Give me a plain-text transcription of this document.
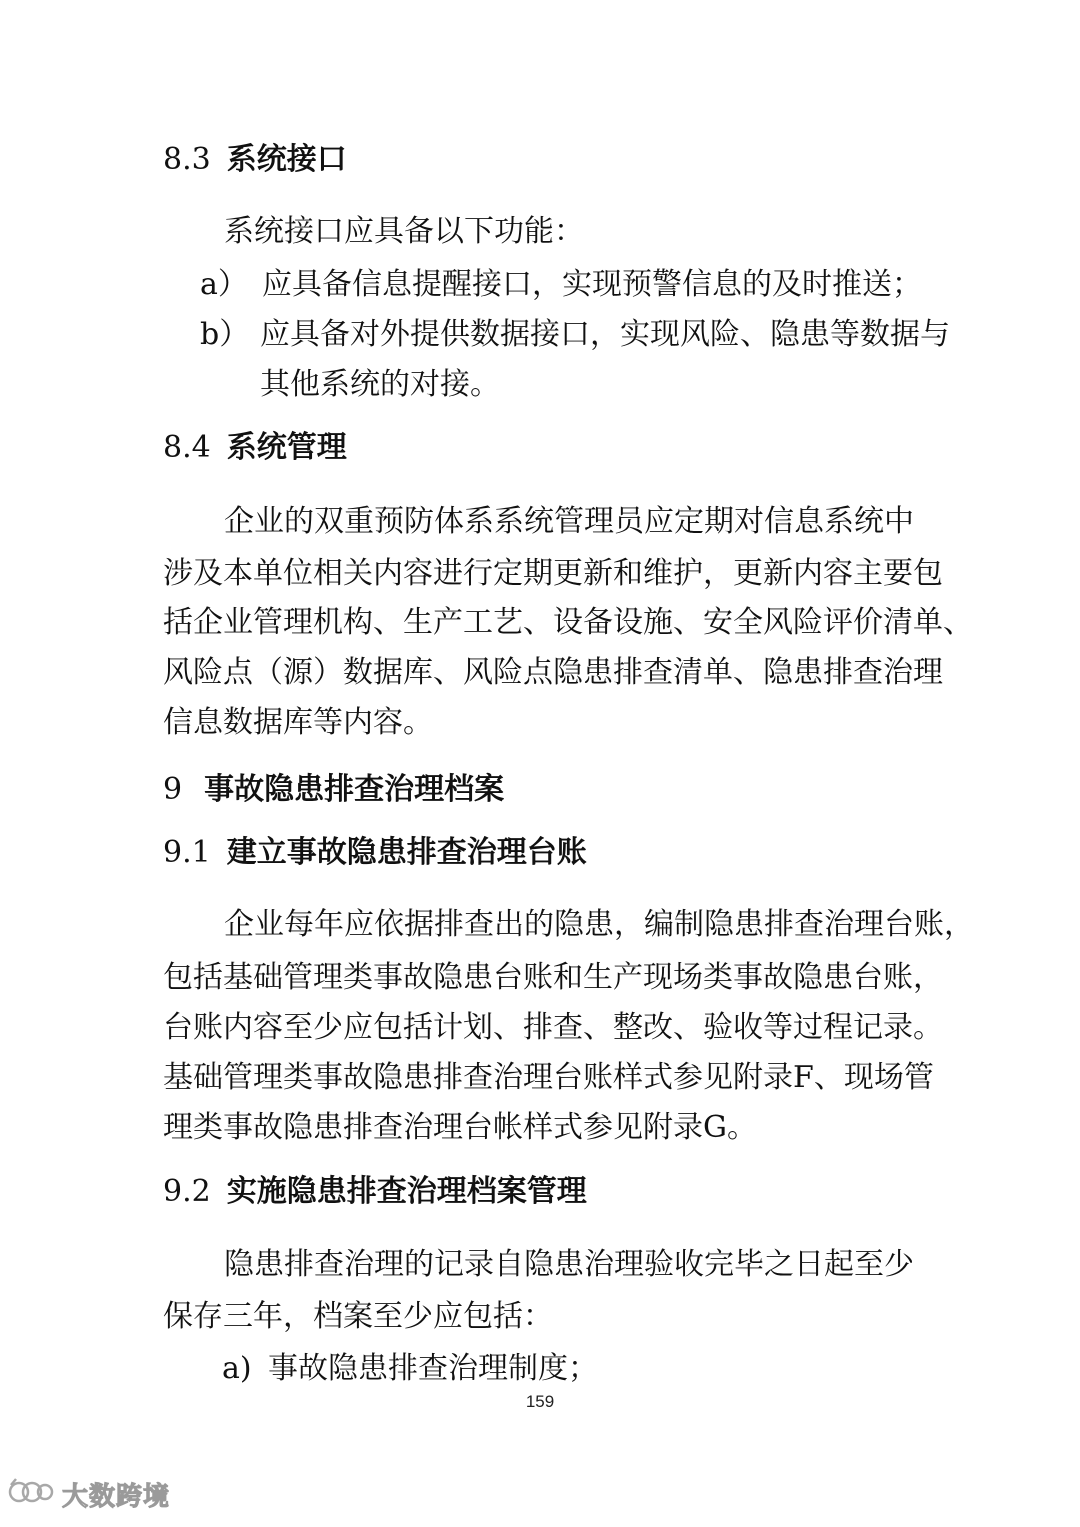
8.3 系统接口
系统接口应具备以下功能：
a） 应具备信息提醒接口，实现预警信息的及时推送；
b） 应具备对外提供数据接口，实现风险、隐患等数据与
其他系统的对接。
8.4 系统管理
企业的双重预防体系系统管理员应定期对信息系统中
涉及本单位相关内容进行定期更新和维护，更新内容主要包
括企业管理机构、生产工艺、设备设施、安全风险评价清单、
风险点（源）数据库、风险点隐患排查清单、隐患排查治理
信息数据库等内容。
9 事故隐患排查治理档案
9.1 建立事故隐患排查治理台账
企业每年应依据排查出的隐患，编制隐患排查治理台账，
包括基础管理类事故隐患台账和生产现场类事故隐患台账，
台账内容至少应包括计划、排查、整改、验收等过程记录。
基础管理类事故隐患排查治理台账样式参见附录F、现场管
理类事故隐患排查治理台帐样式参见附录G。
9.2 实施隐患排查治理档案管理
隐患排查治理的记录自隐患治理验收完毕之日起至少
保存三年，档案至少应包括：
a) 事故隐患排查治理制度；
159
大数跨境
